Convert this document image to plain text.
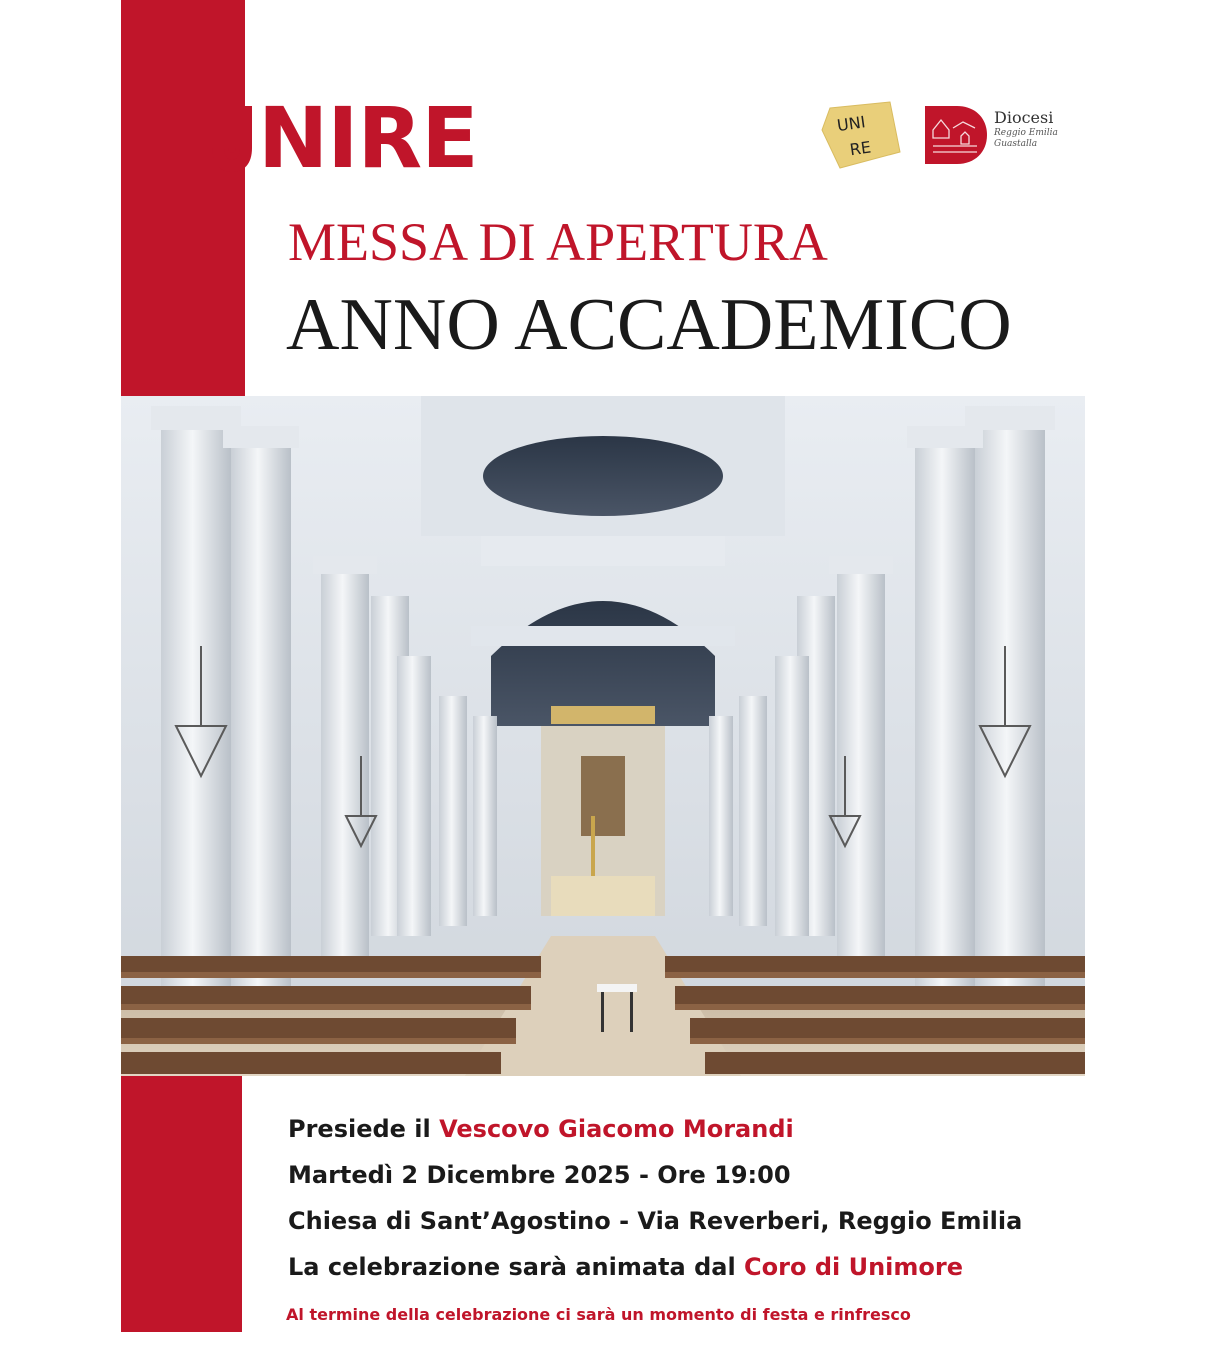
NIRE	UNI
RE
Diocesi
Reggio Emilia
Guastalla
MESSA DI APERTURA
ANNO ACCADEMICO
Presiede il Vescovo Giacomo Morandi
Martedì 2 Dicembre 2025 - Ore 19:00
Chiesa di Sant’Agostino - Via Reverberi, Reggio Emilia
La celebrazione sarà animata dal Coro di Unimore
Al termine della celebrazione ci sarà un momento di festa e rinfresco
